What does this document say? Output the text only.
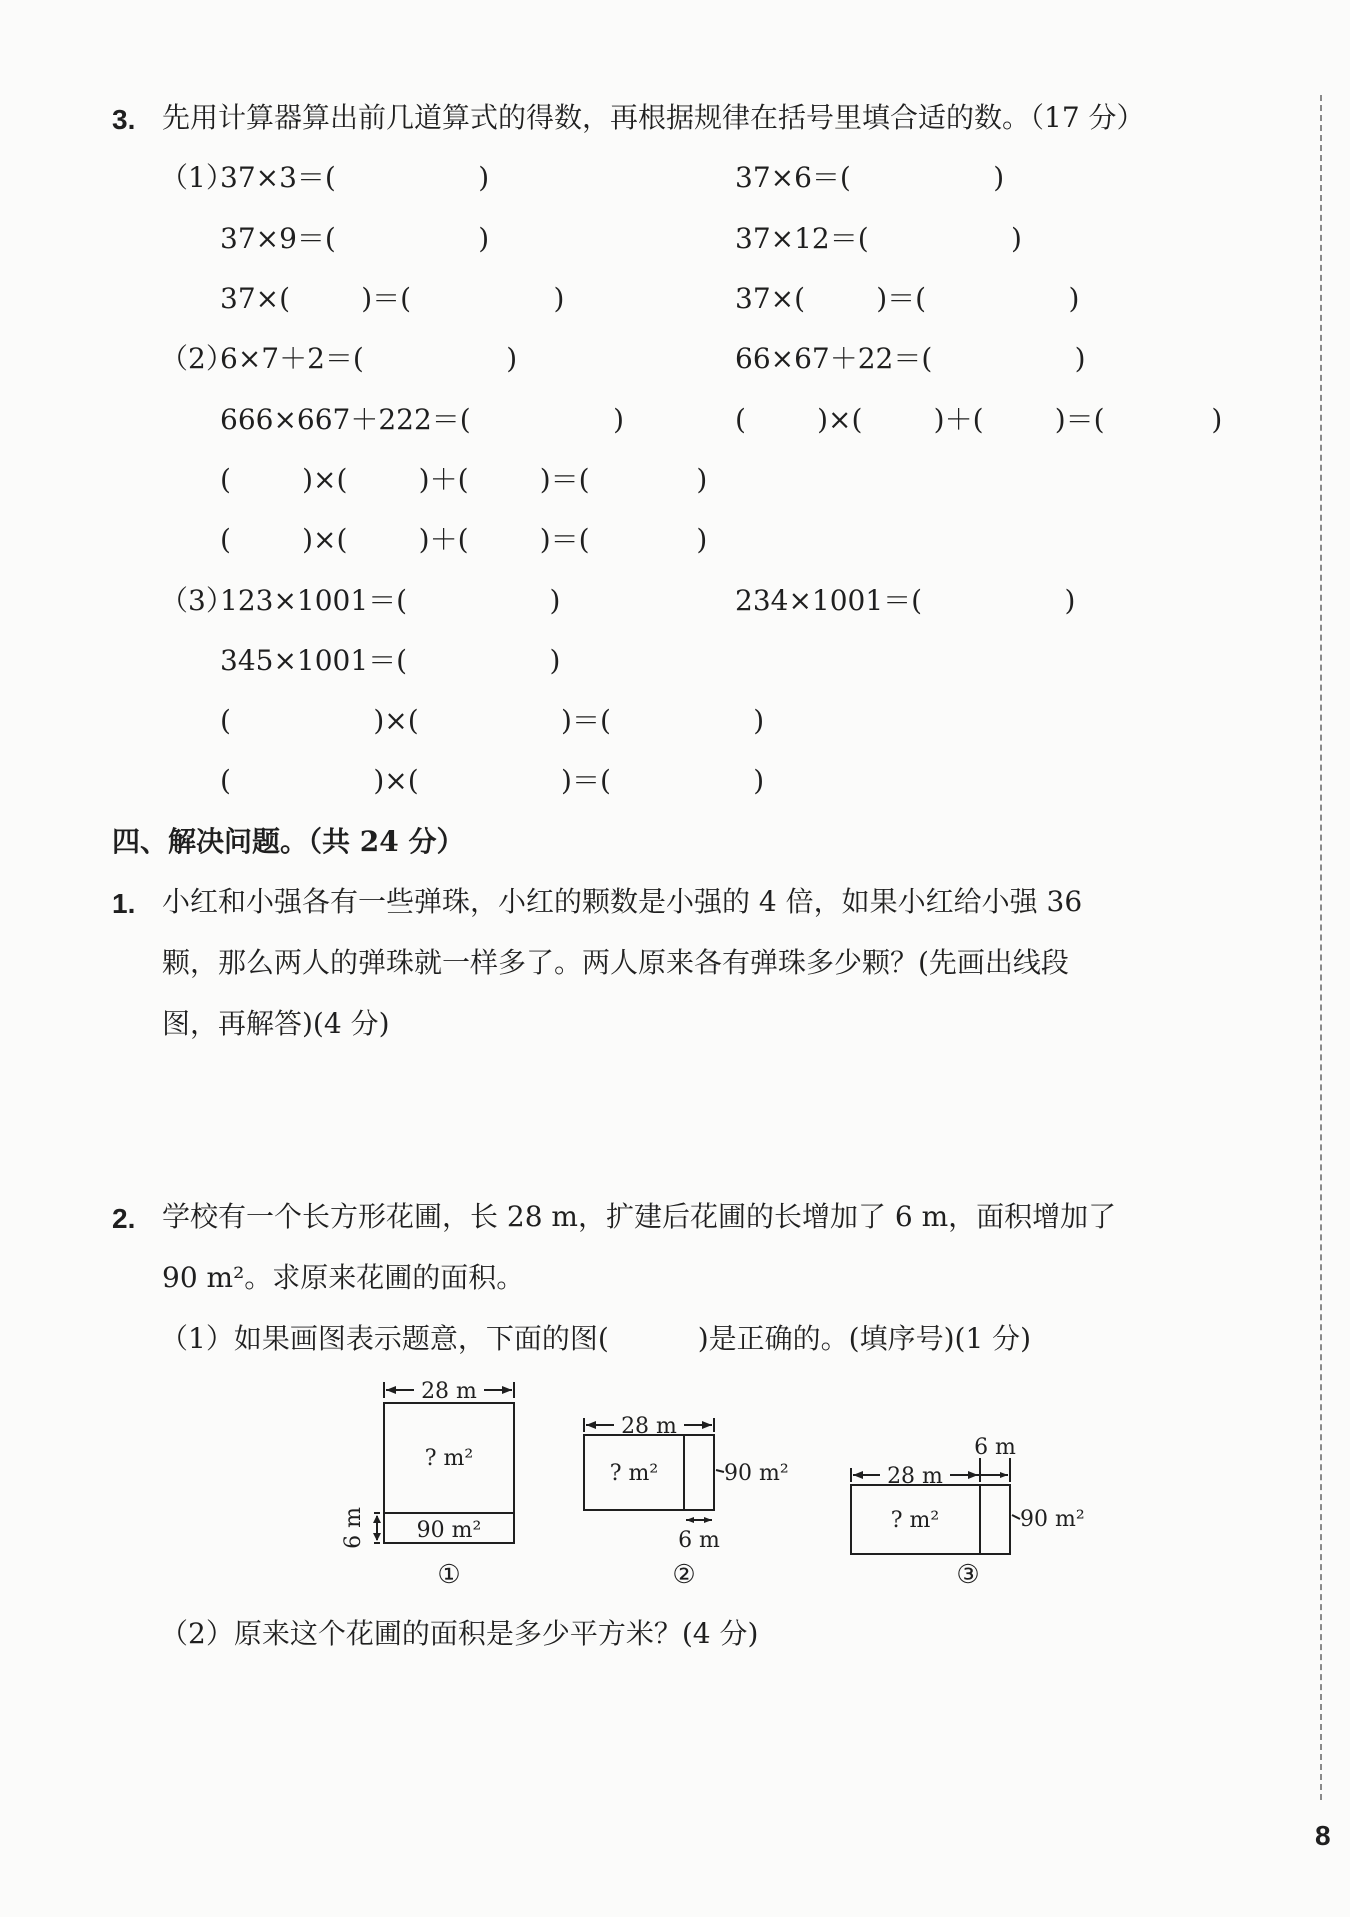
3. 先用计算器算出前几道算式的得数，再根据规律在括号里填合适的数。（17 分）
（1）
37×3＝(                )	37×6＝(                )
37×9＝(                )	37×12＝(                )
37×(        )＝(                )	37×(        )＝(                )
（2）
6×7＋2＝(                )	66×67＋22＝(                )
666×667＋222＝(                )	(        )×(        )＋(        )＝(            )
(        )×(        )＋(        )＝(            )
(        )×(        )＋(        )＝(            )
（3）
123×1001＝(                )	234×1001＝(                )
345×1001＝(                )
(                )×(                )＝(                )
(                )×(                )＝(                )
四、解决问题。（共 24 分）
1. 小红和小强各有一些弹珠，小红的颗数是小强的 4 倍，如果小红给小强 36
颗，那么两人的弹珠就一样多了。两人原来各有弹珠多少颗？(先画出线段
图，再解答)(4 分)
2. 学校有一个长方形花圃，长 28 m，扩建后花圃的长增加了 6 m，面积增加了
90 m²。求原来花圃的面积。
（1）如果画图表示题意，下面的图(          )是正确的。(填序号)(1 分)
28 m
? m²
90 m²
6 m
①
28 m
? m²	90 m²
6 m
②
6 m
28 m
? m²	90 m²
③
（2）原来这个花圃的面积是多少平方米？(4 分)
8
